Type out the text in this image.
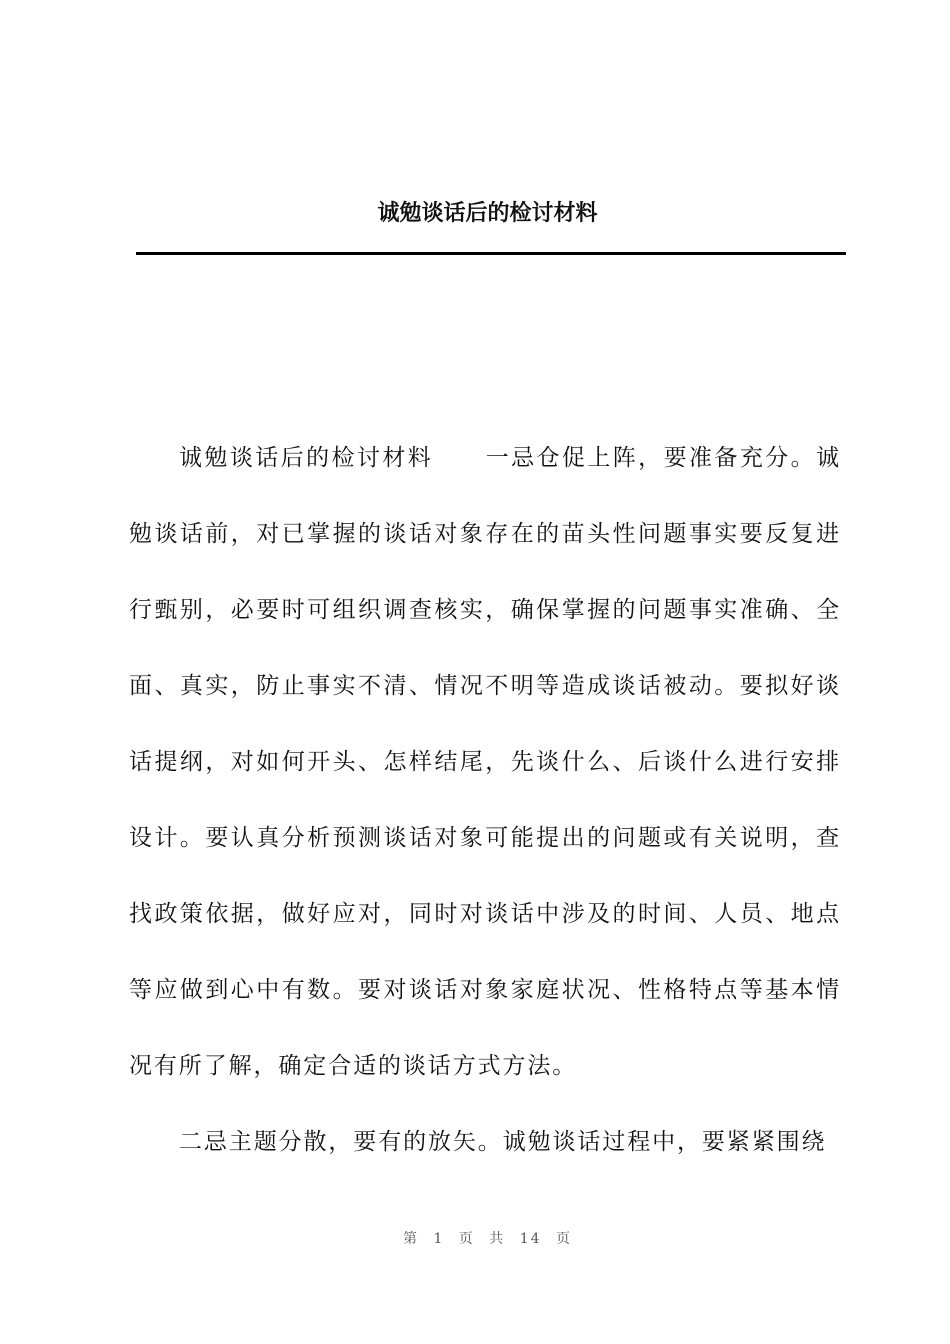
诚勉谈话后的检讨材料

诚勉谈话后的检讨材料 一忌仓促上阵，要准备充分。诚勉谈话前，对已掌握的谈话对象存在的苗头性问题事实要反复进行甄别，必要时可组织调查核实，确保掌握的问题事实准确、全面、真实，防止事实不清、情况不明等造成谈话被动。要拟好谈话提纲，对如何开头、怎样结尾，先谈什么、后谈什么进行安排设计。要认真分析预测谈话对象可能提出的问题或有关说明，查找政策依据，做好应对，同时对谈话中涉及的时间、人员、地点等应做到心中有数。要对谈话对象家庭状况、性格特点等基本情况有所了解，确定合适的谈话方式方法。

二忌主题分散，要有的放矢。诚勉谈话过程中，要紧紧围绕

第 1 页 共 14 页
